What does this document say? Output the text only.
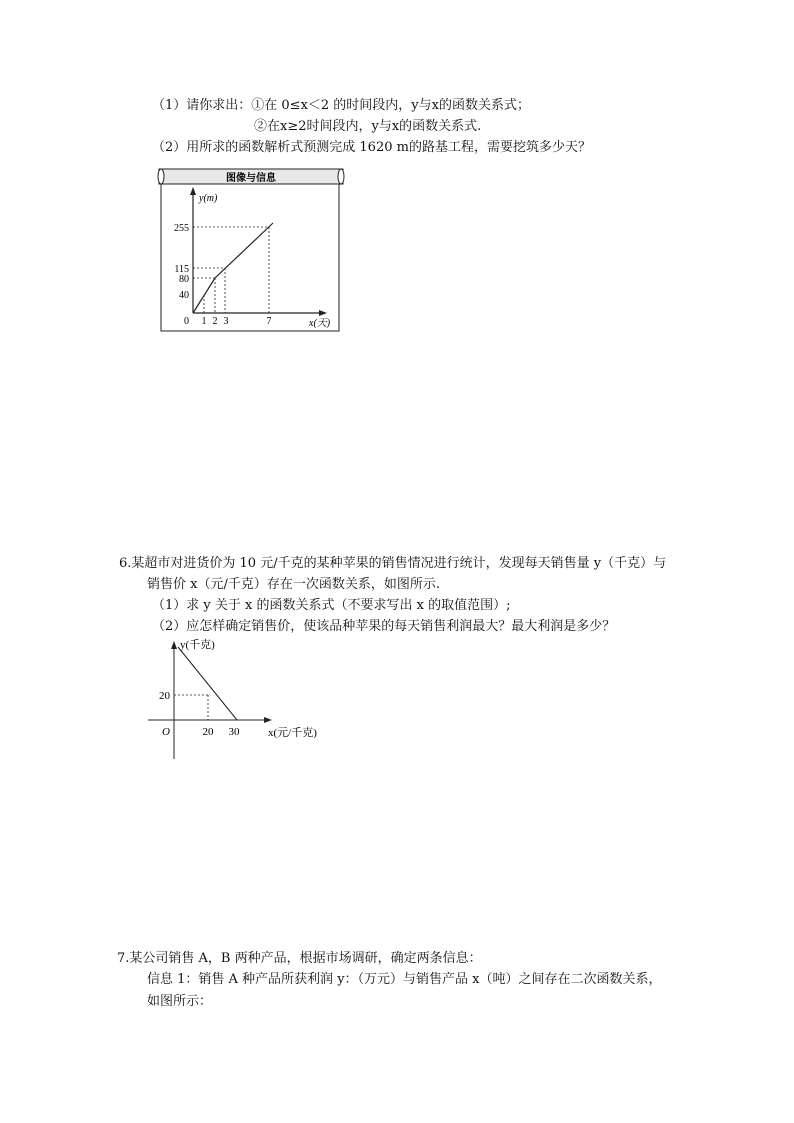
（1）请你求出：①在 0≤x＜2 的时间段内，y与x的函数关系式；
②在x≥2时间段内，y与x的函数关系式.
（2）用所求的函数解析式预测完成 1620 m的路基工程，需要挖筑多少天？
图像与信息
255
115
80
40
0 1 2 3	7
y(m)
x(天)
6.某超市对进货价为 10 元/千克的某种苹果的销售情况进行统计，发现每天销售量 y（千克）与
销售价 x（元/千克）存在一次函数关系，如图所示.
（1）求 y 关于 x 的函数关系式（不要求写出 x 的取值范围）;
（2）应怎样确定销售价，使该品种苹果的每天销售利润最大？最大利润是多少？
y(千克)
20
O	20 30	x(元/千克)
7.某公司销售 A，B 两种产品，根据市场调研，确定两条信息：
信息 1：销售 A 种产品所获利润 y：（万元）与销售产品 x（吨）之间存在二次函数关系，
如图所示：
